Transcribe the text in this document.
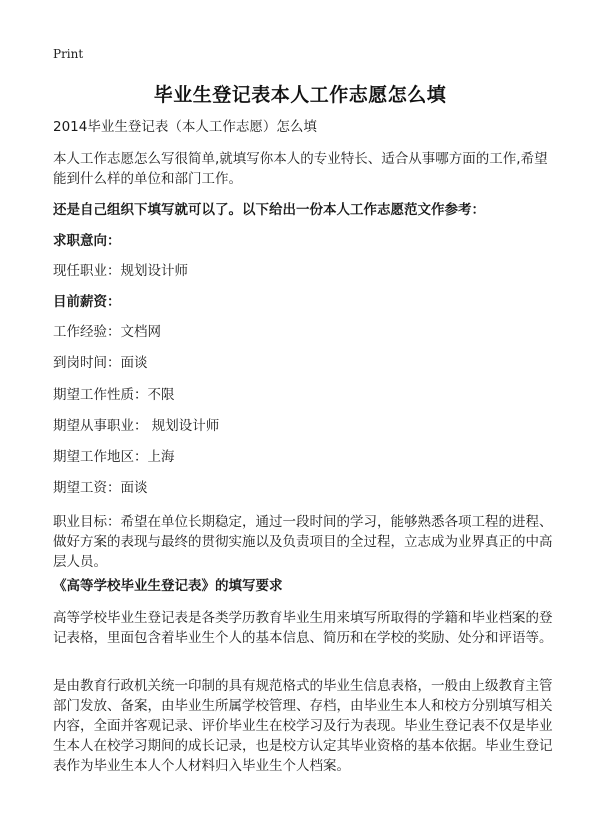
Print
毕业生登记表本人工作志愿怎么填

2014毕业生登记表（本人工作志愿）怎么填

本人工作志愿怎么写很简单,就填写你本人的专业特长、适合从事哪方面的工作,希望能到什么样的单位和部门工作。

还是自己组织下填写就可以了。以下给出一份本人工作志愿范文作参考：

求职意向：

现任职业：规划设计师

目前薪资：

工作经验：文档网

到岗时间：面谈

期望工作性质：不限

期望从事职业： 规划设计师

期望工作地区：上海

期望工资：面谈

职业目标：希望在单位长期稳定，通过一段时间的学习，能够熟悉各项工程的进程、做好方案的表现与最终的贯彻实施以及负责项目的全过程，立志成为业界真正的中高层人员。

《高等学校毕业生登记表》的填写要求

高等学校毕业生登记表是各类学历教育毕业生用来填写所取得的学籍和毕业档案的登记表格，里面包含着毕业生个人的基本信息、简历和在学校的奖励、处分和评语等。

是由教育行政机关统一印制的具有规范格式的毕业生信息表格，一般由上级教育主管部门发放、备案，由毕业生所属学校管理、存档，由毕业生本人和校方分别填写相关内容，全面并客观记录、评价毕业生在校学习及行为表现。毕业生登记表不仅是毕业生本人在校学习期间的成长记录，也是校方认定其毕业资格的基本依据。毕业生登记表作为毕业生本人个人材料归入毕业生个人档案。
